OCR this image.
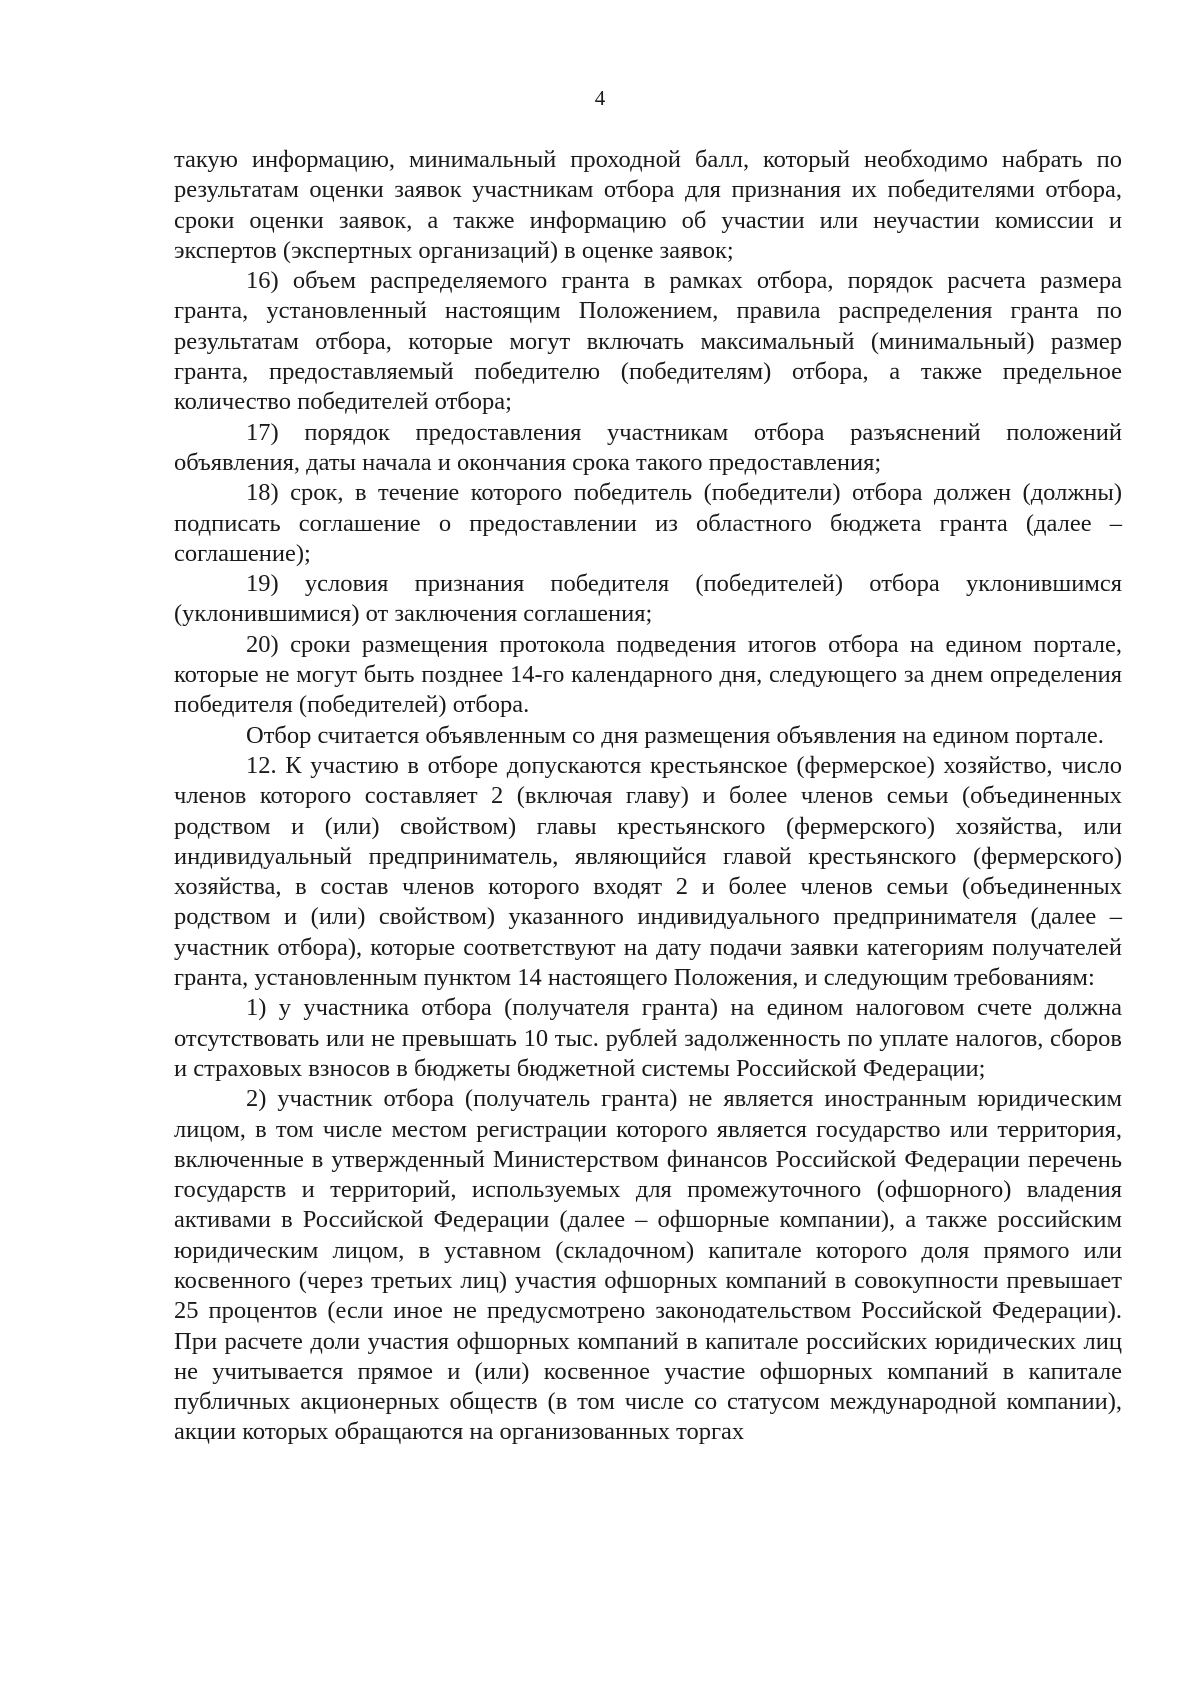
4

такую информацию, минимальный проходной балл, который необходимо набрать по результатам оценки заявок участникам отбора для признания их победителями отбора, сроки оценки заявок, а также информацию об участии или неучастии комиссии и экспертов (экспертных организаций) в оценке заявок;

16) объем распределяемого гранта в рамках отбора, порядок расчета размера гранта, установленный настоящим Положением, правила распределения гранта по результатам отбора, которые могут включать максимальный (минимальный) размер гранта, предоставляемый победителю (победителям) отбора, а также предельное количество победителей отбора;

17) порядок предоставления участникам отбора разъяснений положений объявления, даты начала и окончания срока такого предоставления;

18) срок, в течение которого победитель (победители) отбора должен (должны) подписать соглашение о предоставлении из областного бюджета гранта (далее – соглашение);

19) условия признания победителя (победителей) отбора уклонившимся (уклонившимися) от заключения соглашения;

20) сроки размещения протокола подведения итогов отбора на едином портале, которые не могут быть позднее 14-го календарного дня, следующего за днем определения победителя (победителей) отбора.

Отбор считается объявленным со дня размещения объявления на едином портале.

12. К участию в отборе допускаются крестьянское (фермерское) хозяйство, число членов которого составляет 2 (включая главу) и более членов семьи (объединенных родством и (или) свойством) главы крестьянского (фермерского) хозяйства, или индивидуальный предприниматель, являющийся главой крестьянского (фермерского) хозяйства, в состав членов которого входят 2 и более членов семьи (объединенных родством и (или) свойством) указанного индивидуального предпринимателя (далее – участник отбора), которые соответствуют на дату подачи заявки категориям получателей гранта, установленным пунктом 14 настоящего Положения, и следующим требованиям:

1) у участника отбора (получателя гранта) на едином налоговом счете должна отсутствовать или не превышать 10 тыс. рублей задолженность по уплате налогов, сборов и страховых взносов в бюджеты бюджетной системы Российской Федерации;

2) участник отбора (получатель гранта) не является иностранным юридическим лицом, в том числе местом регистрации которого является государство или территория, включенные в утвержденный Министерством финансов Российской Федерации перечень государств и территорий, используемых для промежуточного (офшорного) владения активами в Российской Федерации (далее – офшорные компании), а также российским юридическим лицом, в уставном (складочном) капитале которого доля прямого или косвенного (через третьих лиц) участия офшорных компаний в совокупности превышает 25 процентов (если иное не предусмотрено законодательством Российской Федерации). При расчете доли участия офшорных компаний в капитале российских юридических лиц не учитывается прямое и (или) косвенное участие офшорных компаний в капитале публичных акционерных обществ (в том числе со статусом международной компании), акции которых обращаются на организованных торгах
